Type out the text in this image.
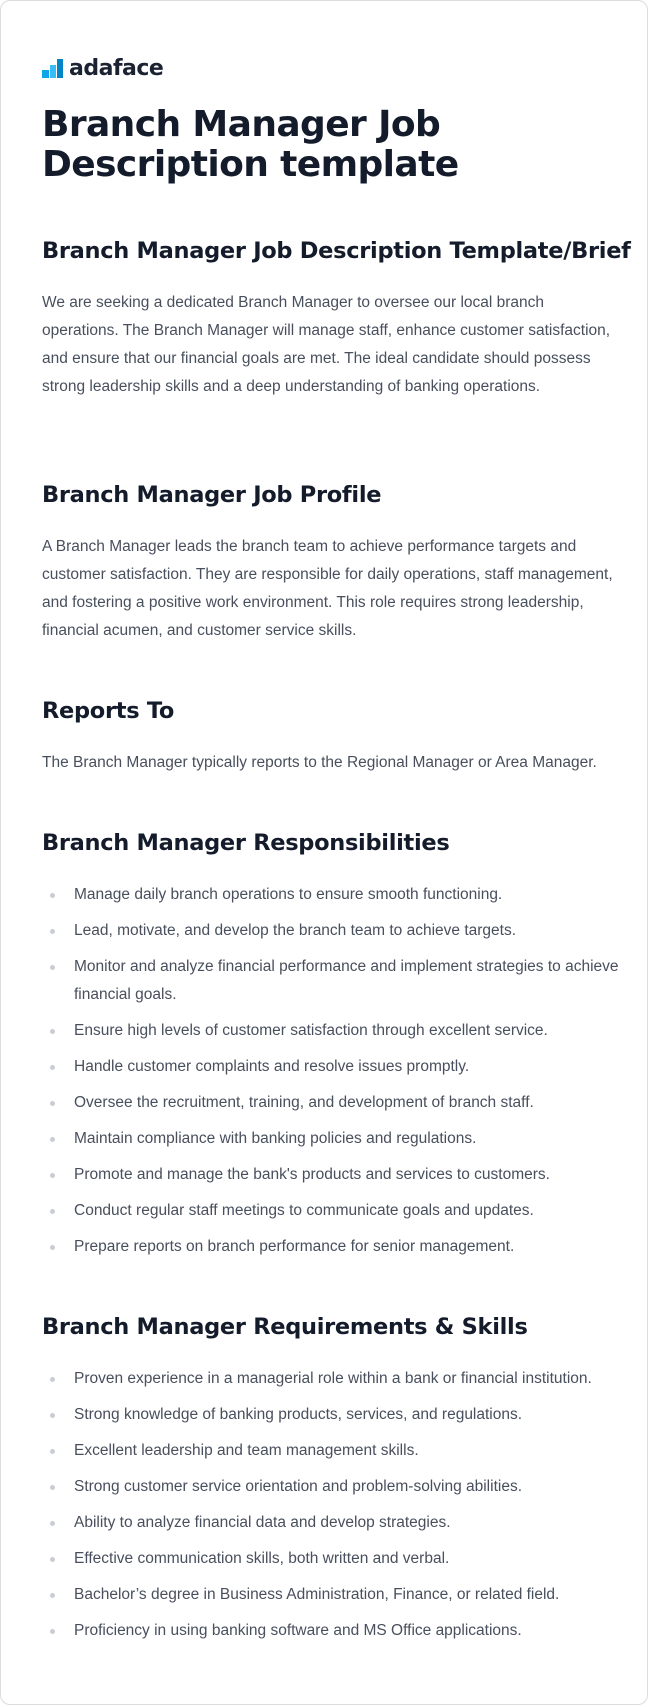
adaface
Branch Manager Job Description template
Branch Manager Job Description Template/Brief

We are seeking a dedicated Branch Manager to oversee our local branch operations. The Branch Manager will manage staff, enhance customer satisfaction, and ensure that our financial goals are met. The ideal candidate should possess strong leadership skills and a deep understanding of banking operations.

Branch Manager Job Profile

A Branch Manager leads the branch team to achieve performance targets and customer satisfaction. They are responsible for daily operations, staff management, and fostering a positive work environment. This role requires strong leadership, financial acumen, and customer service skills.

Reports To

The Branch Manager typically reports to the Regional Manager or Area Manager.

Branch Manager Responsibilities
Manage daily branch operations to ensure smooth functioning.
Lead, motivate, and develop the branch team to achieve targets.
Monitor and analyze financial performance and implement strategies to achieve financial goals.
Ensure high levels of customer satisfaction through excellent service.
Handle customer complaints and resolve issues promptly.
Oversee the recruitment, training, and development of branch staff.
Maintain compliance with banking policies and regulations.
Promote and manage the bank's products and services to customers.
Conduct regular staff meetings to communicate goals and updates.
Prepare reports on branch performance for senior management.
Branch Manager Requirements & Skills
Proven experience in a managerial role within a bank or financial institution.
Strong knowledge of banking products, services, and regulations.
Excellent leadership and team management skills.
Strong customer service orientation and problem-solving abilities.
Ability to analyze financial data and develop strategies.
Effective communication skills, both written and verbal.
Bachelor’s degree in Business Administration, Finance, or related field.
Proficiency in using banking software and MS Office applications.
